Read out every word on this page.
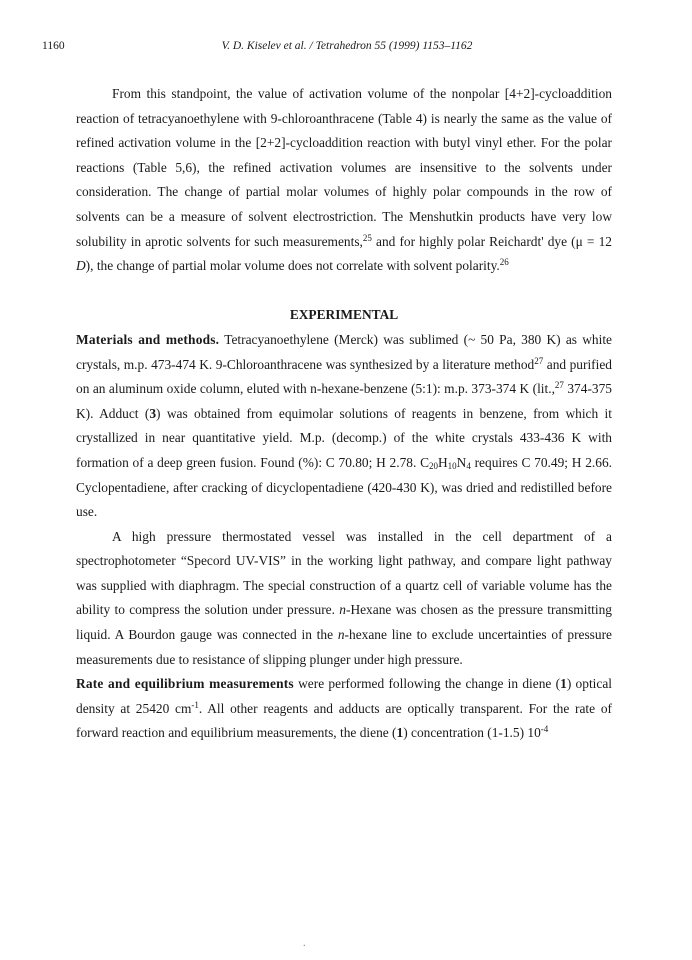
1160	V. D. Kiselev et al. / Tetrahedron 55 (1999) 1153–1162

From this standpoint, the value of activation volume of the nonpolar [4+2]-cycloaddition reaction of tetracyanoethylene with 9-chloroanthracene (Table 4) is nearly the same as the value of refined activation volume in the [2+2]-cycloaddition reaction with butyl vinyl ether. For the polar reactions (Table 5,6), the refined activation volumes are insensitive to the solvents under consideration. The change of partial molar volumes of highly polar compounds in the row of solvents can be a measure of solvent electrostriction. The Menshutkin products have very low solubility in aprotic solvents for such measurements,$^{25}$ and for highly polar Reichardt' dye (μ = 12 D), the change of partial molar volume does not correlate with solvent polarity.$^{26}$

EXPERIMENTAL

Materials and methods. Tetracyanoethylene (Merck) was sublimed (~ 50 Pa, 380 K) as white crystals, m.p. 473-474 K. 9-Chloroanthracene was synthesized by a literature method$^{27}$ and purified on an aluminum oxide column, eluted with n-hexane-benzene (5:1): m.p. 373-374 K (lit.,$^{27}$ 374-375 K). Adduct (3) was obtained from equimolar solutions of reagents in benzene, from which it crystallized in near quantitative yield. M.p. (decomp.) of the white crystals 433-436 K with formation of a deep green fusion. Found (%): C 70.80; H 2.78. $C_{20}H_{10}N_4$ requires C 70.49; H 2.66. Cyclopentadiene, after cracking of dicyclopentadiene (420-430 K), was dried and redistilled before use.

A high pressure thermostated vessel was installed in the cell department of a spectrophotometer “Specord UV-VIS” in the working light pathway, and compare light pathway was supplied with diaphragm. The special construction of a quartz cell of variable volume has the ability to compress the solution under pressure. n-Hexane was chosen as the pressure transmitting liquid. A Bourdon gauge was connected in the n-hexane line to exclude uncertainties of pressure measurements due to resistance of slipping plunger under high pressure.

Rate and equilibrium measurements were performed following the change in diene (1) optical density at 25420 $cm^{-1}$. All other reagents and adducts are optically transparent. For the rate of forward reaction and equilibrium measurements, the diene (1) concentration (1-1.5) $10^{-4}$

.
